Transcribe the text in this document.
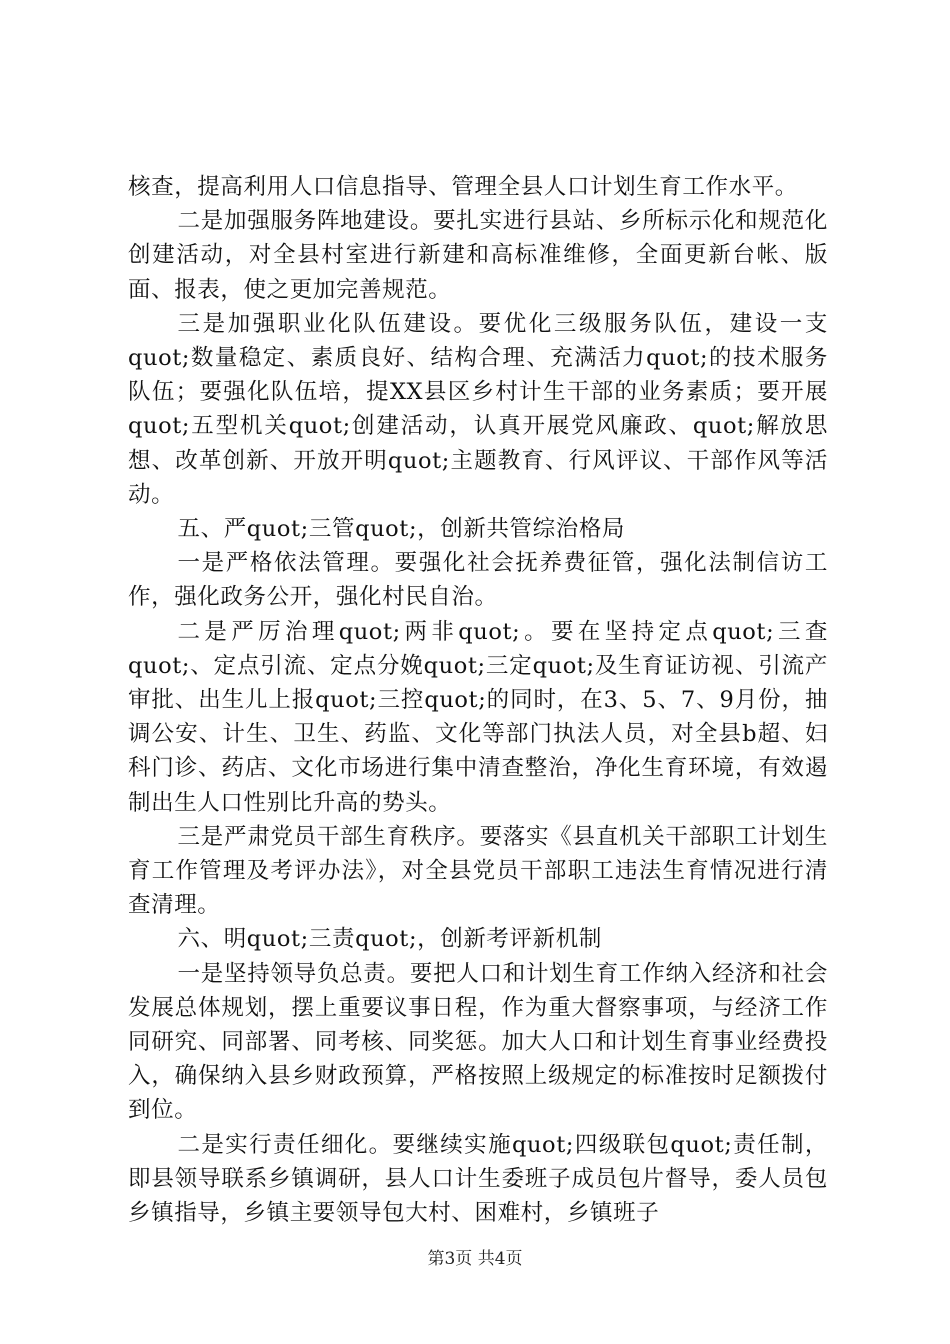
核查，提高利用人口信息指导、管理全县人口计划生育工作水平。

二是加强服务阵地建设。要扎实进行县站、乡所标示化和规范化创建活动，对全县村室进行新建和高标准维修，全面更新台帐、版面、报表，使之更加完善规范。

三是加强职业化队伍建设。要优化三级服务队伍，建设一支quot;数量稳定、素质良好、结构合理、充满活力quot;的技术服务队伍；要强化队伍培，提XX县区乡村计生干部的业务素质；要开展quot;五型机关quot;创建活动，认真开展党风廉政、quot;解放思想、改革创新、开放开明quot;主题教育、行风评议、干部作风等活动。

五、严quot;三管quot;，创新共管综治格局

一是严格依法管理。要强化社会抚养费征管，强化法制信访工作，强化政务公开，强化村民自治。

二是严厉治理quot;两非quot;。要在坚持定点quot;三查quot;、定点引流、定点分娩quot;三定quot;及生育证访视、引流产审批、出生儿上报quot;三控quot;的同时，在3、5、7、9月份，抽调公安、计生、卫生、药监、文化等部门执法人员，对全县b超、妇科门诊、药店、文化市场进行集中清查整治，净化生育环境，有效遏制出生人口性别比升高的势头。

三是严肃党员干部生育秩序。要落实《县直机关干部职工计划生育工作管理及考评办法》，对全县党员干部职工违法生育情况进行清查清理。

六、明quot;三责quot;，创新考评新机制

一是坚持领导负总责。要把人口和计划生育工作纳入经济和社会发展总体规划，摆上重要议事日程，作为重大督察事项，与经济工作同研究、同部署、同考核、同奖惩。加大人口和计划生育事业经费投入，确保纳入县乡财政预算，严格按照上级规定的标准按时足额拨付到位。

二是实行责任细化。要继续实施quot;四级联包quot;责任制，即县领导联系乡镇调研，县人口计生委班子成员包片督导，委人员包乡镇指导，乡镇主要领导包大村、困难村，乡镇班子

第3页 共4页
